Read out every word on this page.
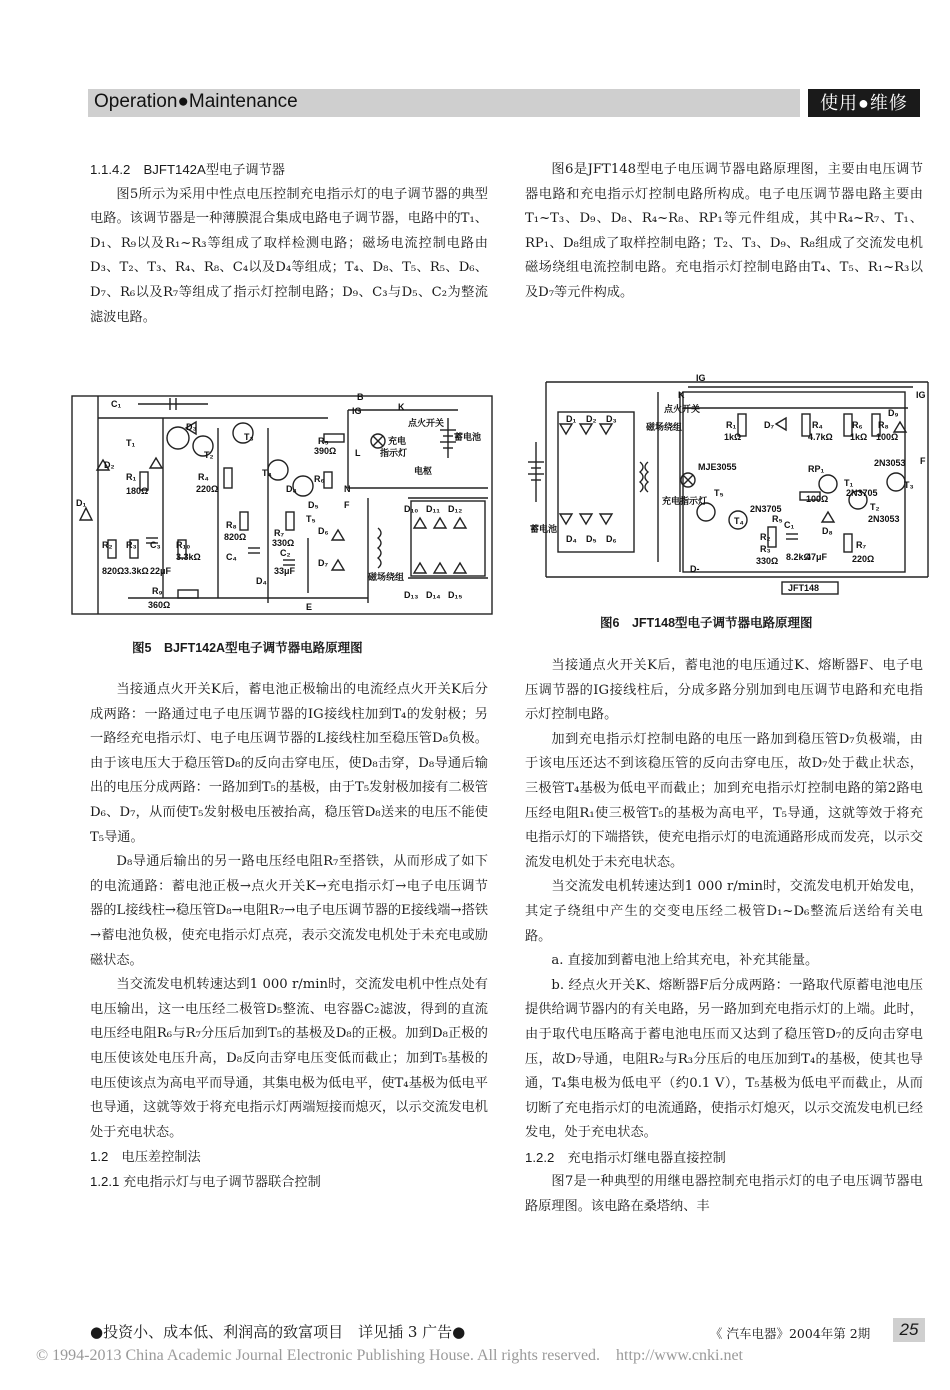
Operation●Maintenance	使用●维修

1.1.4.2　BJFT142A型电子调节器

图5所示为采用中性点电压控制充电指示灯的电子调节器的典型电路。该调节器是一种薄膜混合集成电路电子调节器，电路中的T₁、D₁、R₉以及R₁~R₃等组成了取样检测电路；磁场电流控制电路由D₃、T₂、T₃、R₄、R₈、C₄以及D₄等组成；T₄、D₈、T₅、R₅、D₆、D₇、R₆以及R₇等组成了指示灯控制电路；D₉、C₃与D₅、C₂为整流滤波电路。

图6是JFT148型电子电压调节器电路原理图，主要由电压调节器电路和充电指示灯控制电路所构成。电子电压调节器电路主要由T₁~T₃、D₉、D₈、R₄~R₈、RP₁等元件组成，其中R₄~R₇、T₁、RP₁、D₈组成了取样控制电路；T₂、T₃、D₉、R₈组成了交流发电机磁场绕组电流控制电路。充电指示灯控制电路由T₄、T₅、R₁~R₃以及D₇等元件构成。

C₁
B
IG	K
点火开关
T₁
D₃
T₃
T₂
D₂
R₁
180Ω
D₁
R₄
220Ω
R₅
390Ω L
充电
指示灯
蓄电池
电枢
T₄
D₈
R₆
N
D₅	F
R₈
820Ω
C₄
R₇
330Ω
C₂
33μF
T₅
D₄
D₆
D₇
D₁₀ D₁₁ D₁₂
磁场绕组
D₁₃ D₁₄ D₁₅
E
R₂
820Ω
R₃
3.3kΩ
C₃
22μF
R₁₀
3.3kΩ
R₉
360Ω
图5　BJFT142A型电子调节器电路原理图
IG
K	IG
D₁ D₂ D₃
点火开关
磁场绕组	R₁
1kΩ
D₇	R₄
4.7kΩ
R₆
1kΩ
R₈
100Ω
D₉
F
MJE3055
T₅
充电指示灯
T₄
2N3705
R₂
R₃
330Ω
蓄电池
D₄ D₅ D₆
RP₁
100Ω
T₁
2N3705
2N3053
T₃
T₂
2N3053
C₁
R₅
8.2kΩ
47μF
D₈
R₇
220Ω
D-
JFT148
图6　JFT148型电子调节器电路原理图

当接通点火开关K后，蓄电池正极输出的电流经点火开关K后分成两路：一路通过电子电压调节器的IG接线柱加到T₄的发射极；另一路经充电指示灯、电子电压调节器的L接线柱加至稳压管D₈负极。由于该电压大于稳压管D₈的反向击穿电压，使D₈击穿，D₈导通后输出的电压分成两路：一路加到T₅的基极，由于T₅发射极加接有二极管D₆、D₇，从而使T₅发射极电压被抬高，稳压管D₈送来的电压不能使T₅导通。

D₈导通后输出的另一路电压经电阻R₇至搭铁，从而形成了如下的电流通路：蓄电池正极→点火开关K→充电指示灯→电子电压调节器的L接线柱→稳压管D₈→电阻R₇→电子电压调节器的E接线端→搭铁→蓄电池负极，使充电指示灯点亮，表示交流发电机处于未充电或励磁状态。

当交流发电机转速达到1 000 r/min时，交流发电机中性点处有电压输出，这一电压经二极管D₅整流、电容器C₂滤波，得到的直流电压经电阻R₆与R₇分压后加到T₅的基极及D₈的正极。加到D₈正极的电压使该处电压升高，D₈反向击穿电压变低而截止；加到T₅基极的电压使该点为高电平而导通，其集电极为低电平，使T₄基极为低电平也导通，这就等效于将充电指示灯两端短接而熄灭，以示交流发电机处于充电状态。

1.2　电压差控制法

1.2.1 充电指示灯与电子调节器联合控制

当接通点火开关K后，蓄电池的电压通过K、熔断器F、电子电压调节器的IG接线柱后，分成多路分别加到电压调节电路和充电指示灯控制电路。

加到充电指示灯控制电路的电压一路加到稳压管D₇负极端，由于该电压还达不到该稳压管的反向击穿电压，故D₇处于截止状态，三极管T₄基极为低电平而截止；加到充电指示灯控制电路的第2路电压经电阻R₁使三极管T₅的基极为高电平，T₅导通，这就等效于将充电指示灯的下端搭铁，使充电指示灯的电流通路形成而发亮，以示交流发电机处于未充电状态。

当交流发电机转速达到1 000 r/min时，交流发电机开始发电，其定子绕组中产生的交变电压经二极管D₁~D₆整流后送给有关电路。

a. 直接加到蓄电池上给其充电，补充其能量。

b. 经点火开关K、熔断器F后分成两路：一路取代原蓄电池电压提供给调节器内的有关电路，另一路加到充电指示灯的上端。此时，由于取代电压略高于蓄电池电压而又达到了稳压管D₇的反向击穿电压，故D₇导通，电阻R₂与R₃分压后的电压加到T₄的基极，使其也导通，T₄集电极为低电平（约0.1 V），T₅基极为低电平而截止，从而切断了充电指示灯的电流通路，使指示灯熄灭，以示交流发电机已经发电，处于充电状态。

1.2.2　充电指示灯继电器直接控制

图7是一种典型的用继电器控制充电指示灯的电子电压调节器电路原理图。该电路在桑塔纳、丰

●投资小、成本低、利润高的致富项目　详见插 3 广告●	《 汽车电器》2004年第 2期	25
© 1994-2013 China Academic Journal Electronic Publishing House. All rights reserved.　http://www.cnki.net
